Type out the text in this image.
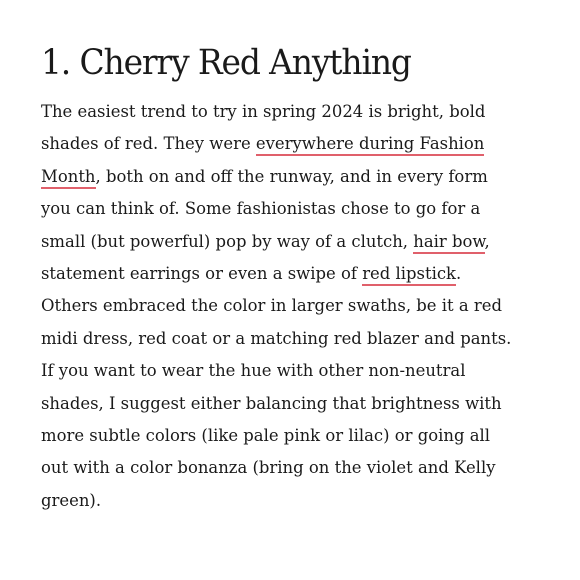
1. Cherry Red Anything
The easiest trend to try in spring 2024 is bright, bold
shades of red. They were everywhere during Fashion
Month, both on and off the runway, and in every form
you can think of. Some fashionistas chose to go for a
small (but powerful) pop by way of a clutch, hair bow,
statement earrings or even a swipe of red lipstick.
Others embraced the color in larger swaths, be it a red
midi dress, red coat or a matching red blazer and pants.
If you want to wear the hue with other non-neutral
shades, I suggest either balancing that brightness with
more subtle colors (like pale pink or lilac) or going all
out with a color bonanza (bring on the violet and Kelly
green).
